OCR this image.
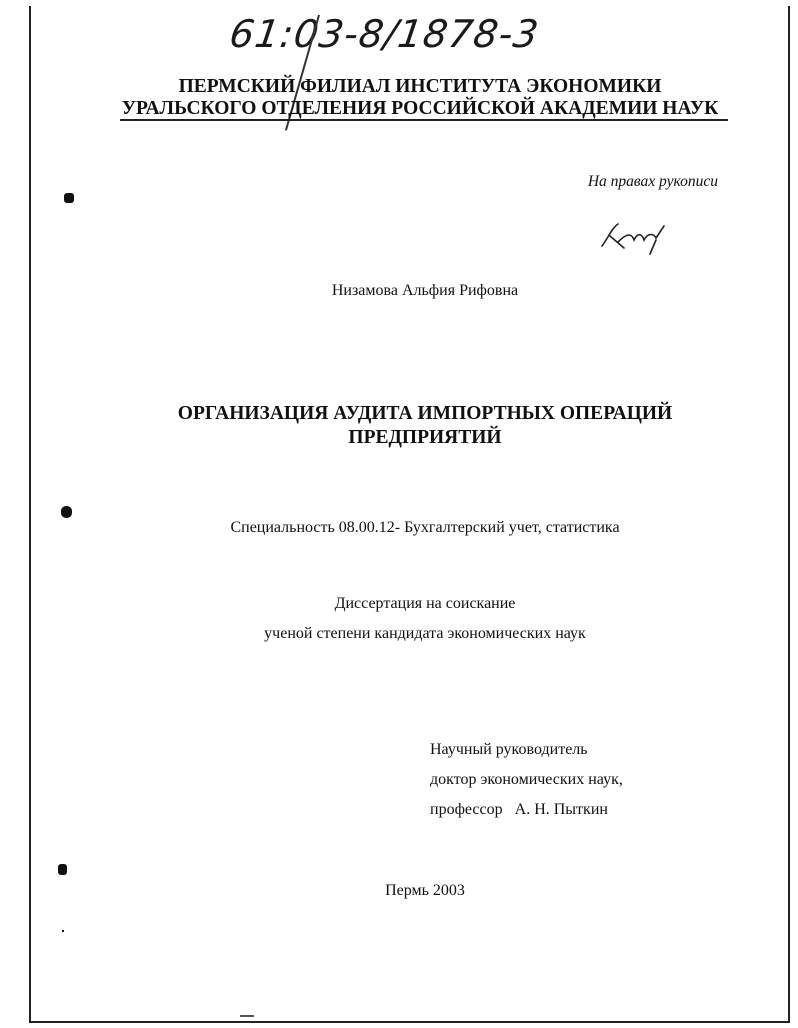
61:03-8/1878-3
ПЕРМСКИЙ ФИЛИАЛ ИНСТИТУТА ЭКОНОМИКИ
УРАЛЬСКОГО ОТДЕЛЕНИЯ РОССИЙСКОЙ АКАДЕМИИ НАУК
На правах рукописи
Низамова Альфия Рифовна
ОРГАНИЗАЦИЯ АУДИТА ИМПОРТНЫХ ОПЕРАЦИЙ
ПРЕДПРИЯТИЙ
Специальность 08.00.12- Бухгалтерский учет, статистика
Диссертация на соискание
ученой степени кандидата экономических наук
Научный руководитель
доктор экономических наук,
профессор А. Н. Пыткин
Пермь 2003
